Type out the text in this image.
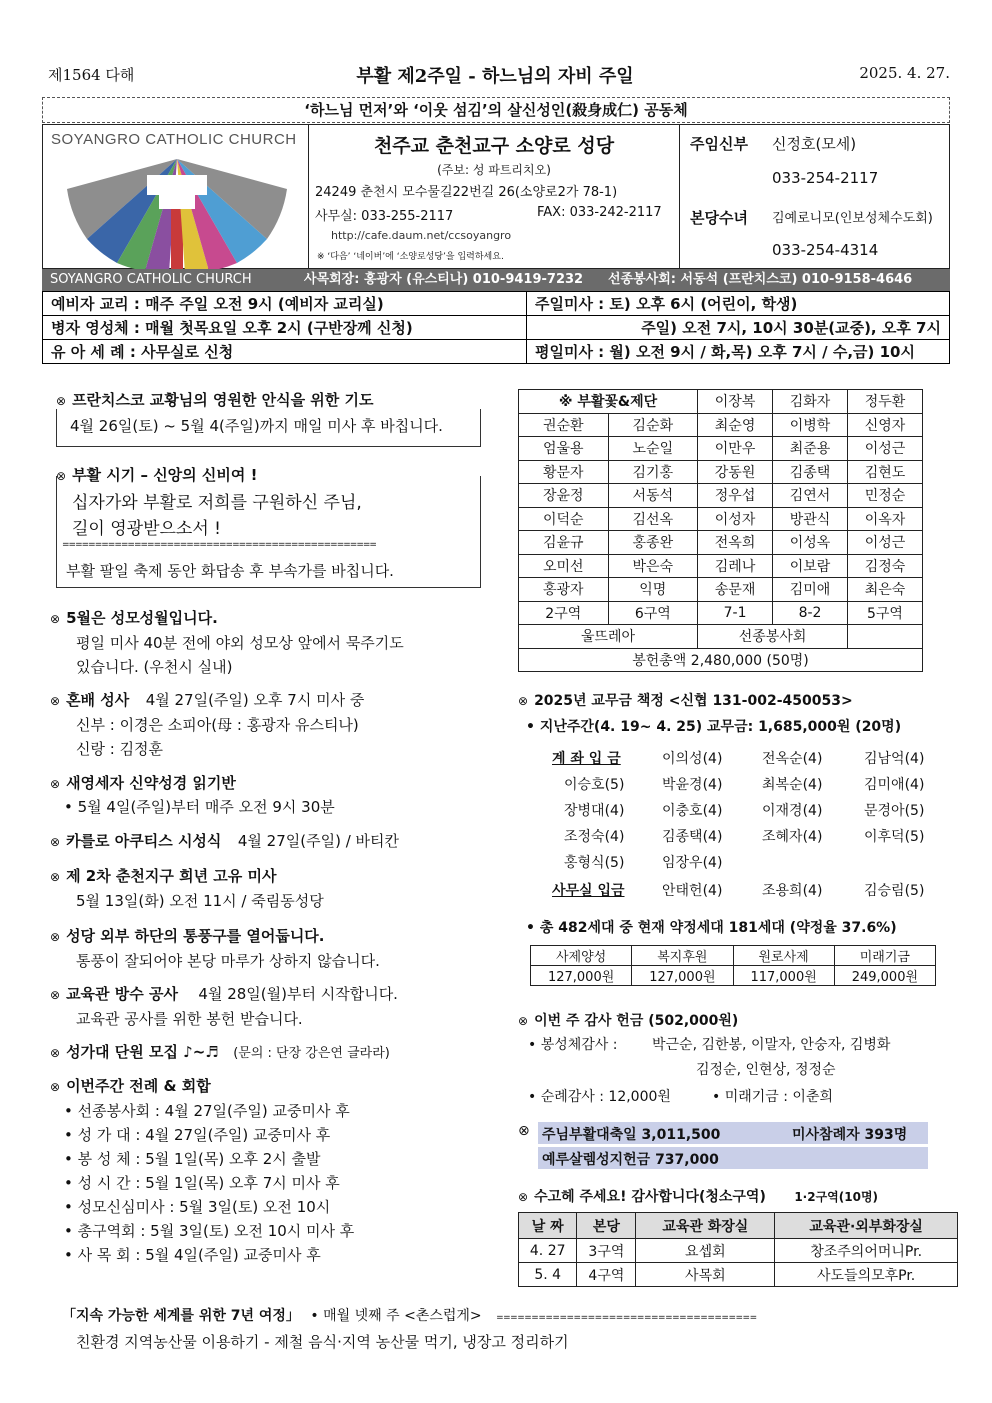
제1564 다해	부활 제2주일 - 하느님의 자비 주일	2025. 4. 27.
‘하느님 먼저’와 ‘이웃 섬김’의 살신성인(殺身成仁) 공동체
SOYANGRO CATHOLIC CHURCH	천주교 춘천교구 소양로 성당
(주보: 성 파트리치오)
24249 춘천시 모수물길22번길 26(소양로2가 78-1)
사무실: 033-255-2117	FAX: 033-242-2117
http://cafe.daum.net/ccsoyangro
※ ‘다음’ ‘네이버’에 ‘소양로성당’을 입력하세요.
주임신부 신정호(모세)
033-254-2117
본당수녀 김예로니모(인보성체수도회)
033-254-4314
SOYANGRO CATHOLIC CHURCH	사목회장: 홍광자 (유스티나) 010-9419-7232 선종봉사회: 서동석 (프란치스코) 010-9158-4646
예비자 교리 : 매주 주일 오전 9시 (예비자 교리실)	주일미사 : 토) 오후 6시 (어린이, 학생)
병자 영성체 : 매월 첫목요일 오후 2시 (구반장께 신청)	주일) 오전 7시, 10시 30분(교중), 오후 7시
유 아 세 례 : 사무실로 신청	평일미사 : 월) 오전 9시 / 화,목) 오후 7시 / 수,금) 10시
⊗ 프란치스코 교황님의 영원한 안식을 위한 기도
4월 26일(토) ~ 5월 4(주일)까지 매일 미사 후 바칩니다.
⊗ 부활 시기 – 신앙의 신비여 !
십자가와 부활로 저희를 구원하신 주님,
길이 영광받으소서 !
================================================
부활 팔일 축제 동안 화답송 후 부속가를 바칩니다.
⊗ 5월은 성모성월입니다.
평일 미사 40분 전에 야외 성모상 앞에서 묵주기도
있습니다. (우천시 실내)
⊗ 혼배 성사 4월 27일(주일) 오후 7시 미사 중
신부 : 이경은 소피아(母 : 홍광자 유스티나)
신랑 : 김정훈
⊗ 새영세자 신약성경 읽기반
• 5월 4일(주일)부터 매주 오전 9시 30분
⊗ 카를로 아쿠티스 시성식 4월 27일(주일) / 바티칸
⊗ 제 2차 춘천지구 희년 고유 미사
5월 13일(화) 오전 11시 / 죽림동성당
⊗ 성당 외부 하단의 통풍구를 열어둡니다.
통풍이 잘되어야 본당 마루가 상하지 않습니다.
⊗ 교육관 방수 공사 4월 28일(월)부터 시작합니다.
교육관 공사를 위한 봉헌 받습니다.
⊗ 성가대 단원 모집 ♪~♬ (문의 : 단장 강은연 글라라)
⊗ 이번주간 전례 & 회합
• 선종봉사회 : 4월 27일(주일) 교중미사 후
• 성 가 대 : 4월 27일(주일) 교중미사 후
• 봉 성 체 : 5월 1일(목) 오후 2시 출발
• 성 시 간 : 5월 1일(목) 오후 7시 미사 후
• 성모신심미사 : 5월 3일(토) 오전 10시
• 총구역회 : 5월 3일(토) 오전 10시 미사 후
• 사 목 회 : 5월 4일(주일) 교중미사 후
※ 부활꽃&제단		이장복	김화자	정두환
권순환	김순화	최순영	이병학	신영자
엄울용	노순일	이만우	최준용	이성근
황문자	김기홍	강동원	김종택	김현도
장윤정	서동석	정우섭	김연서	민정순
이덕순	김선옥	이성자	방관식	이옥자
김윤규	홍종완	전옥희	이성옥	이성근
오미선	박은숙	김레나	이보람	김정숙
홍광자	익명	송문재	김미애	최은숙
2구역	6구역	7-1	8-2	5구역
울뜨레아		선종봉사회		
봉헌총액 2,480,000 (50명)				
⊗ 2025년 교무금 책정 <신협 131-002-450053>
• 지난주간(4. 19~ 4. 25) 교무금: 1,685,000원 (20명)
계 좌 입 금	이의성(4)	전옥순(4)	김남억(4)
이승호(5)	박윤경(4)	최복순(4)	김미애(4)
장병대(4)	이충호(4)	이재경(4)	문경아(5)
조정숙(4)	김종택(4)	조혜자(4)	이후덕(5)
홍형식(5)	임장우(4)
사무실 입금	안태헌(4)	조용희(4)	김승림(5)
• 총 482세대 중 현재 약정세대 181세대 (약정율 37.6%)
사제양성	복지후원	원로사제	미래기금
127,000원	127,000원	117,000원	249,000원
⊗ 이번 주 감사 헌금 (502,000원)
• 봉성체감사 : 박근순, 김한봉, 이말자, 안숭자, 김병화
김정순, 인현상, 정정순
• 순례감사 : 12,000원	• 미래기금 : 이춘희
⊗ 주님부활대축일 3,011,500	미사참례자 393명
예루살렘성지헌금 737,000
⊗ 수고헤 주세요! 감사합니다(청소구역) 1·2구역(10명)
날 짜	본당	교육관 화장실	교육관·외부화장실
4. 27	3구역	요셉회	창조주의어머니Pr.
5. 4	4구역	사목회	사도들의모후Pr.
「지속 가능한 세계를 위한 7년 여정」 • 매월 넷째 주 <촌스럽게> =====================================
친환경 지역농산물 이용하기 - 제철 음식·지역 농산물 먹기, 냉장고 정리하기
